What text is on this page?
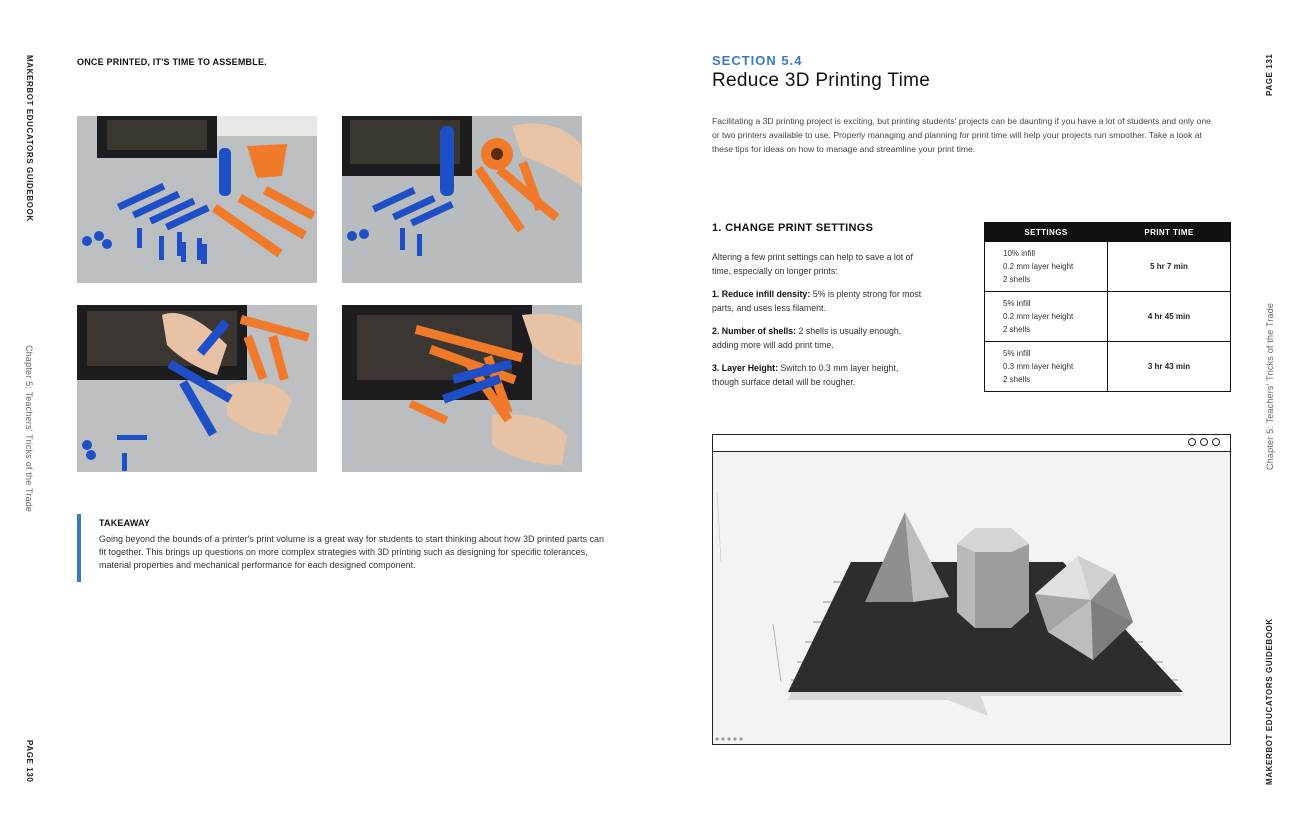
MAKERBOT EDUCATORS GUIDEBOOK
Chapter 5: Teachers' Tricks of the Trade
PAGE 130
ONCE PRINTED, IT'S TIME TO ASSEMBLE.
TAKEAWAY
Going beyond the bounds of a printer's print volume is a great way for students to start thinking about how 3D printed parts can fit together. This brings up questions on more complex strategies with 3D printing such as designing for specific tolerances, material properties and mechanical performance for each designed component.
SECTION 5.4
Reduce 3D Printing Time
Facilitating a 3D printing project is exciting, but printing students' projects can be daunting if you have a lot of students and only one or two printers available to use. Properly managing and planning for print time will help your projects run smoother. Take a look at these tips for ideas on how to manage and streamline your print time.
1. CHANGE PRINT SETTINGS

Altering a few print settings can help to save a lot of time, especially on longer prints:

1. Reduce infill density: 5% is plenty strong for most parts, and uses less filament.

2. Number of shells: 2 shells is usually enough, adding more will add print time.

3. Layer Height: Switch to 0.3 mm layer height, though surface detail will be rougher.

SETTINGS	PRINT TIME

10% infill
0.2 mm layer height
2 shells	5 hr 7 min

5% infill
0.2 mm layer height
2 shells	4 hr 45 min

5% infill
0.3 mm layer height
2 shells	3 hr 43 min
PAGE 131
Chapter 5: Teachers' Tricks of the Trade
MAKERBOT EDUCATORS GUIDEBOOK
